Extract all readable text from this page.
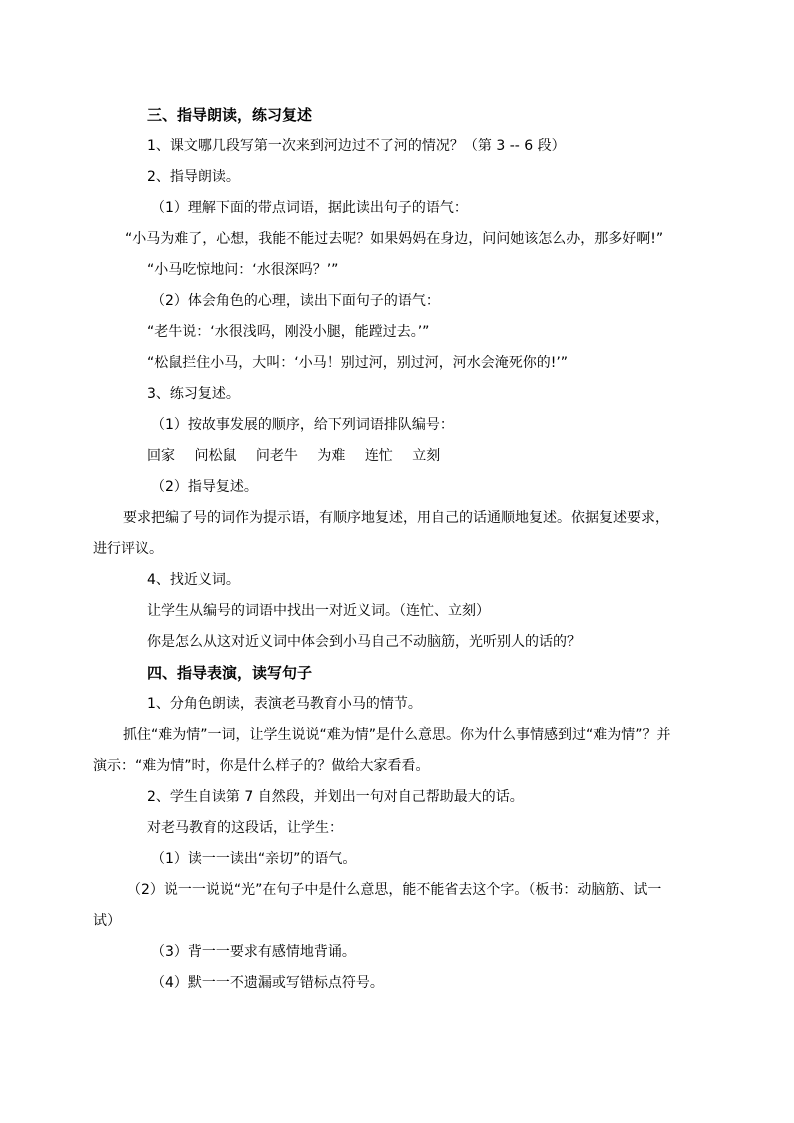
三、指导朗读，练习复述

1、课文哪几段写第一次来到河边过不了河的情况？（第 3 -- 6 段）

2、指导朗读。

（1）理解下面的带点词语，据此读出句子的语气：

“小马为难了，心想，我能不能过去呢？如果妈妈在身边，问问她该怎么办，那多好啊!”

“小马吃惊地问：‘水很深吗？’”

（2）体会角色的心理，读出下面句子的语气：

“老牛说：‘水很浅吗，刚没小腿，能蹚过去。’”

“松鼠拦住小马，大叫：‘小马！别过河，别过河，河水会淹死你的!’”

3、练习复述。

（1）按故事发展的顺序，给下列词语排队编号：

回家 问松鼠 问老牛 为难 连忙 立刻

（2）指导复述。

要求把编了号的词作为提示语，有顺序地复述，用自己的话通顺地复述。依据复述要求，进行评议。

4、找近义词。

让学生从编号的词语中找出一对近义词。（连忙、立刻）

你是怎么从这对近义词中体会到小马自己不动脑筋，光听别人的话的？

四、指导表演，读写句子

1、分角色朗读，表演老马教育小马的情节。

抓住“难为情”一词，让学生说说“难为情”是什么意思。你为什么事情感到过“难为情”？并演示：“难为情”时，你是什么样子的？做给大家看看。

2、学生自读第 7 自然段，并划出一句对自己帮助最大的话。

对老马教育的这段话，让学生：

（1）读一一读出“亲切”的语气。

（2）说一一说说“光”在句子中是什么意思，能不能省去这个字。（板书：动脑筋、试一试）

（3）背一一要求有感情地背诵。

（4）默一一不遗漏或写错标点符号。
